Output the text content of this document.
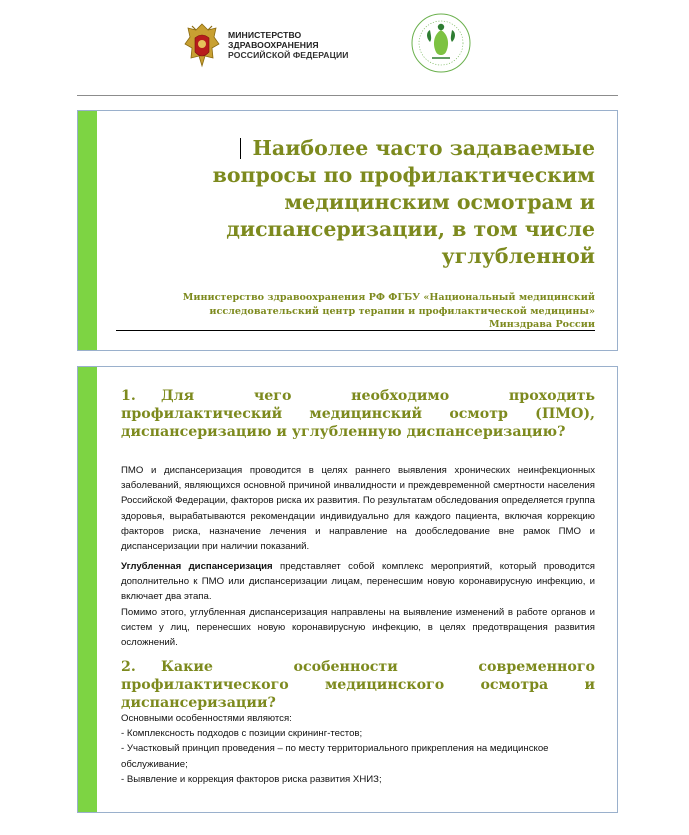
МИНИСТЕРСТВО
ЗДРАВООХРАНЕНИЯ
РОССИЙСКОЙ ФЕДЕРАЦИИ
Наиболее часто задаваемые вопросы по профилактическим медицинским осмотрам и диспансеризации, в том числе углубленной
Министерство здравоохранения РФ ФГБУ «Национальный медицинский исследовательский центр терапии и профилактической медицины» Минздрава России
1. Для чего необходимо проходить профилактический медицинский осмотр (ПМО), диспансеризацию и углубленную диспансеризацию?
ПМО и диспансеризация проводится в целях раннего выявления хронических неинфекционных заболеваний, являющихся основной причиной инвалидности и преждевременной смертности населения Российской Федерации, факторов риска их развития. По результатам обследования определяется группа здоровья, вырабатываются рекомендации индивидуально для каждого пациента, включая коррекцию факторов риска, назначение лечения и направление на дообследование вне рамок ПМО и диспансеризации при наличии показаний.
Углубленная диспансеризация представляет собой комплекс мероприятий, который проводится дополнительно к ПМО или диспансеризации лицам, перенесшим новую коронавирусную инфекцию, и включает два этапа.
Помимо этого, углубленная диспансеризация направлены на выявление изменений в работе органов и систем у лиц, перенесших новую коронавирусную инфекцию, в целях предотвращения развития осложнений.
2. Какие особенности современного профилактического медицинского осмотра и диспансеризации?
Основными особенностями являются:
- Комплексность подходов с позиции скрининг-тестов;
- Участковый принцип проведения – по месту территориального прикрепления на медицинское обслуживание;
- Выявление и коррекция факторов риска развития ХНИЗ;
